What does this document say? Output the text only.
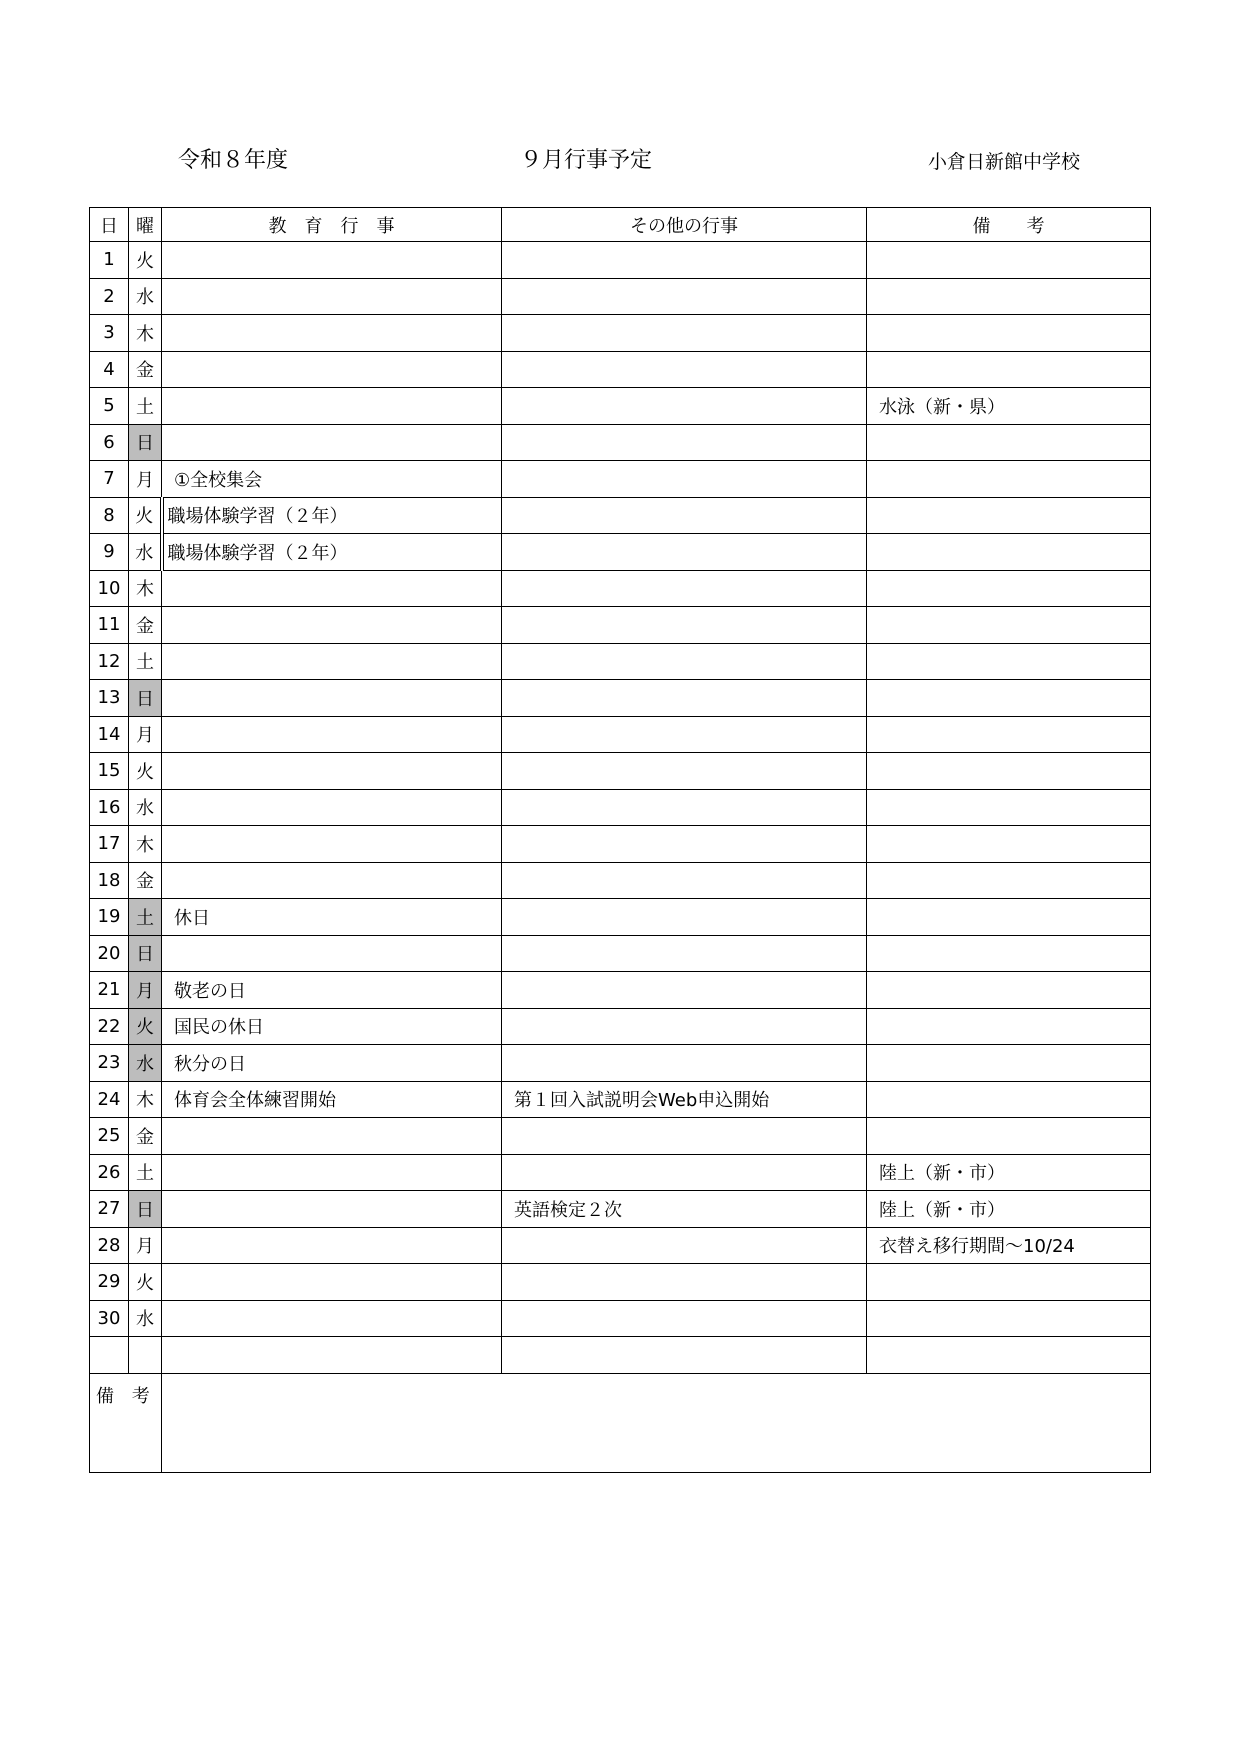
令和８年度	９月行事予定	小倉日新館中学校
日	曜	教　育　行　事	その他の行事	備　　考
1	火			
2	水			
3	木			
4	金			
5	土			水泳（新・県）
6	日			
7	月	①全校集会		
8	火	職場体験学習（２年）		
9	水	職場体験学習（２年）		
10	木			
11	金			
12	土			
13	日			
14	月			
15	火			
16	水			
17	木			
18	金			
19	土	休日		
20	日			
21	月	敬老の日		
22	火	国民の休日		
23	水	秋分の日		
24	木	体育会全体練習開始	第１回入試説明会Web申込開始	
25	金			
26	土			陸上（新・市）
27	日		英語検定２次	陸上（新・市）
28	月			衣替え移行期間～10/24
29	火			
30	水			

備 考				
